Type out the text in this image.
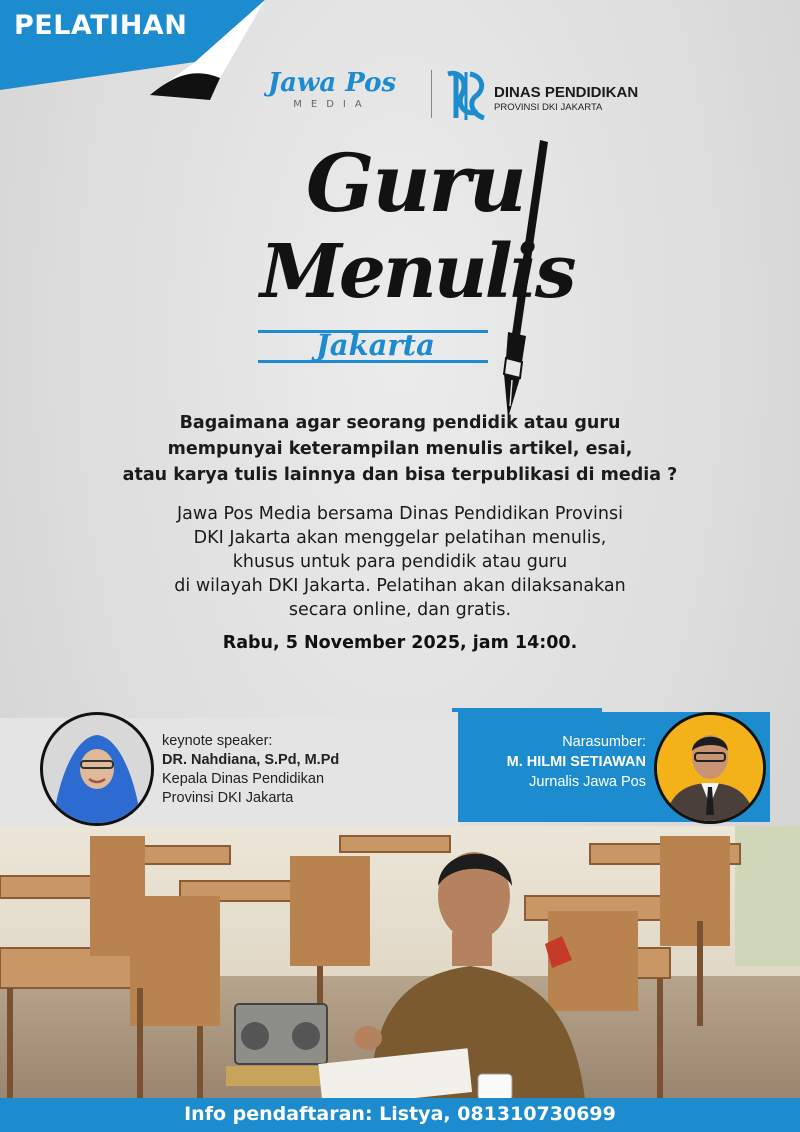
PELATIHAN
Jawa Pos
MEDIA
DINAS PENDIDIKAN
PROVINSI DKI JAKARTA
Guru
Menulis
Jakarta
Bagaimana agar seorang pendidik atau guru
mempunyai keterampilan menulis artikel, esai,
atau karya tulis lainnya dan bisa terpublikasi di media ?
Jawa Pos Media bersama Dinas Pendidikan Provinsi
DKI Jakarta akan menggelar pelatihan menulis,
khusus untuk para pendidik atau guru
di wilayah DKI Jakarta. Pelatihan akan dilaksanakan
secara online, dan gratis.
Rabu, 5 November 2025, jam 14:00.
keynote speaker:
DR. Nahdiana, S.Pd, M.Pd
Kepala Dinas Pendidikan
Provinsi DKI Jakarta
Narasumber:
M. HILMI SETIAWAN
Jurnalis Jawa Pos
Info pendaftaran: Listya, 081310730699
